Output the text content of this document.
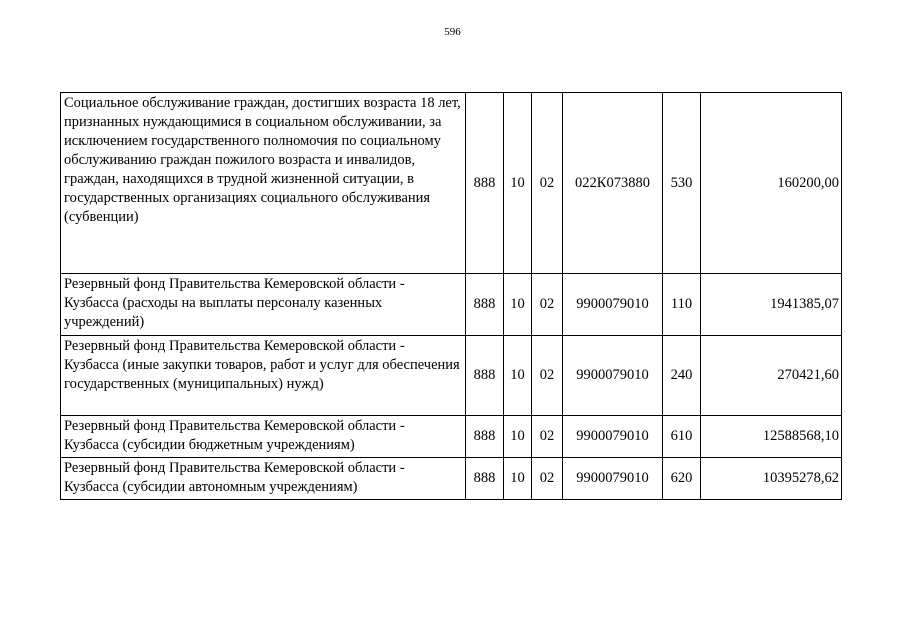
596
Социальное обслуживание граждан, достигших возраста 18 лет, признанных нуждающимися в социальном обслуживании, за исключением государственного полномочия по социальному обслуживанию граждан пожилого возраста и инвалидов, граждан, находящихся в трудной жизненной ситуации, в государственных организациях социального обслуживания (субвенции)	888	10	02	022К073880	530	160200,00
Резервный фонд Правительства Кемеровской области - Кузбасса (расходы на выплаты персоналу казенных учреждений)	888	10	02	9900079010	110	1941385,07
Резервный фонд Правительства Кемеровской области - Кузбасса (иные закупки товаров, работ и услуг для обеспечения государственных (муниципальных) нужд)	888	10	02	9900079010	240	270421,60
Резервный фонд Правительства Кемеровской области - Кузбасса (субсидии бюджетным учреждениям)	888	10	02	9900079010	610	12588568,10
Резервный фонд Правительства Кемеровской области - Кузбасса (субсидии автономным учреждениям)	888	10	02	9900079010	620	10395278,62
